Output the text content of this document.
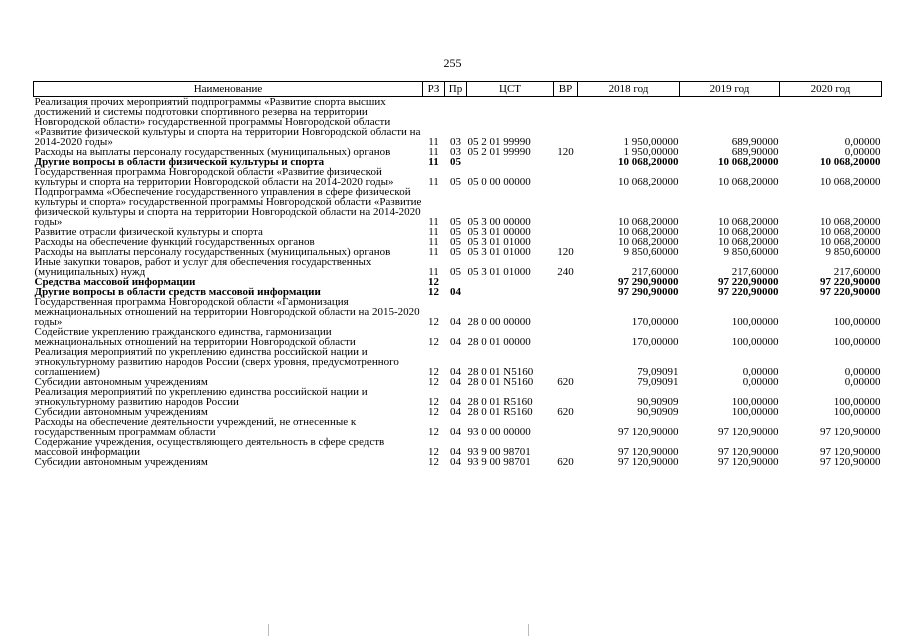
255
Наименование	РЗ	Пр	ЦСТ	ВР	2018 год	2019 год	2020 год
Реализация прочих мероприятий подпрограммы «Развитие спорта высших достижений и системы подготовки спортивного резерва на территории Новгородской области» государственной программы Новгородской области «Развитие физической культуры и спорта на территории Новгородской области на 2014-2020 годы»	11	03	05 2 01 99990		1 950,00000	689,90000	0,00000
Расходы на выплаты персоналу государственных (муниципальных) органов	11	03	05 2 01 99990	120	1 950,00000	689,90000	0,00000
Другие вопросы в области физической культуры и спорта	11	05			10 068,20000	10 068,20000	10 068,20000
Государственная программа Новгородской области «Развитие физической культуры и спорта на территории Новгородской области на 2014-2020 годы»	11	05	05 0 00 00000		10 068,20000	10 068,20000	10 068,20000
Подпрограмма «Обеспечение государственного управления в сфере физической культуры и спорта» государственной программы Новгородской области «Развитие физической культуры и спорта на территории Новгородской области на 2014-2020 годы»	11	05	05 3 00 00000		10 068,20000	10 068,20000	10 068,20000
Развитие отрасли физической культуры и спорта	11	05	05 3 01 00000		10 068,20000	10 068,20000	10 068,20000
Расходы на обеспечение функций государственных органов	11	05	05 3 01 01000		10 068,20000	10 068,20000	10 068,20000
Расходы на выплаты персоналу государственных (муниципальных) органов	11	05	05 3 01 01000	120	9 850,60000	9 850,60000	9 850,60000
Иные закупки товаров, работ и услуг для обеспечения государственных (муниципальных) нужд	11	05	05 3 01 01000	240	217,60000	217,60000	217,60000
Средства массовой информации	12				97 290,90000	97 220,90000	97 220,90000
Другие вопросы в области средств массовой информации	12	04			97 290,90000	97 220,90000	97 220,90000
Государственная программа Новгородской области «Гармонизация межнациональных отношений на территории Новгородской области на 2015-2020 годы»	12	04	28 0 00 00000		170,00000	100,00000	100,00000
Содействие укреплению гражданского единства, гармонизации межнациональных отношений на территории Новгородской области	12	04	28 0 01 00000		170,00000	100,00000	100,00000
Реализация мероприятий по укреплению единства российской нации и этнокультурному развитию народов России (сверх уровня, предусмотренного соглашением)	12	04	28 0 01 N5160		79,09091	0,00000	0,00000
Субсидии автономным учреждениям	12	04	28 0 01 N5160	620	79,09091	0,00000	0,00000
Реализация мероприятий по укреплению единства российской нации и этнокультурному развитию народов России	12	04	28 0 01 R5160		90,90909	100,00000	100,00000
Субсидии автономным учреждениям	12	04	28 0 01 R5160	620	90,90909	100,00000	100,00000
Расходы на обеспечение деятельности учреждений, не отнесенные к государственным программам области	12	04	93 0 00 00000		97 120,90000	97 120,90000	97 120,90000
Содержание учреждения, осуществляющего деятельность в сфере средств массовой информации	12	04	93 9 00 98701		97 120,90000	97 120,90000	97 120,90000
Субсидии автономным учреждениям	12	04	93 9 00 98701	620	97 120,90000	97 120,90000	97 120,90000
